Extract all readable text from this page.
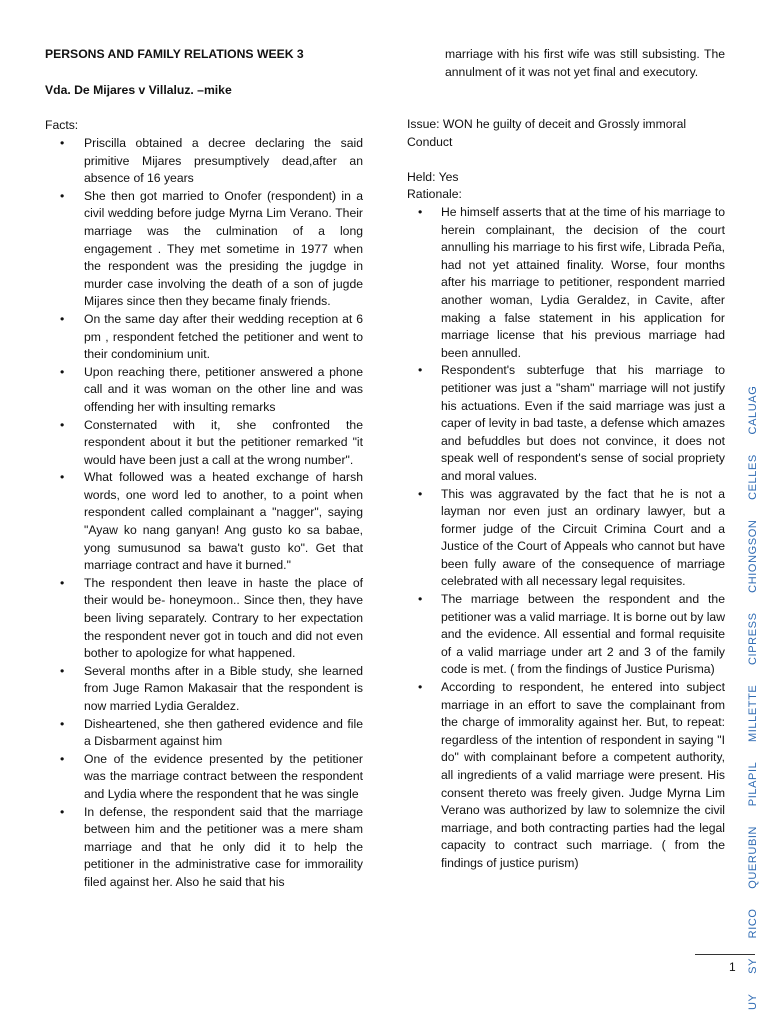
PERSONS AND FAMILY RELATIONS WEEK 3
Vda. De Mijares v Villaluz. –mike
Facts:
• Priscilla obtained a decree declaring the said primitive Mijares presumptively dead,after an absence of 16 years
• She then got married to Onofer (respondent) in a civil wedding before judge Myrna Lim Verano. Their marriage was the culmination of a long engagement . They met sometime in 1977 when the respondent was the presiding the jugdge in murder case involving the death of a son of jugde Mijares since then they became finaly friends.
• On the same day after their wedding reception at 6 pm , respondent fetched the petitioner and went to their condominium unit.
• Upon reaching there, petitioner answered a phone call and it was woman on the other line and was offending her with insulting remarks
• Consternated with it, she confronted the respondent about it but the petitioner remarked "it would have been just a call at the wrong number".
• What followed was a heated exchange of harsh words, one word led to another, to a point when respondent called complainant a "nagger", saying "Ayaw ko nang ganyan! Ang gusto ko sa babae, yong sumusunod sa bawa't gusto ko". Get that marriage contract and have it burned."
• The respondent then leave in haste the place of their would be- honeymoon.. Since then, they have been living separately. Contrary to her expectation the respondent never got in touch and did not even bother to apologize for what happened.
• Several months after in a Bible study, she learned from Juge Ramon Makasair that the respondent is now married Lydia Geraldez.
• Disheartened, she then gathered evidence and file a Disbarment against him
• One of the evidence presented by the petitioner was the marriage contract between the respondent and Lydia where the respondent that he was single
• In defense, the respondent said that the marriage between him and the petitioner was a mere sham marriage and that he only did it to help the petitioner in the administrative case for immoraility filed against her. Also he said that his
marriage with his first wife was still subsisting. The annulment of it was not yet final and executory.
Issue: WON he guilty of deceit and Grossly immoral Conduct
Held: Yes
Rationale:
• He himself asserts that at the time of his marriage to herein complainant, the decision of the court annulling his marriage to his first wife, Librada Peña, had not yet attained finality. Worse, four months after his marriage to petitioner, respondent married another woman, Lydia Geraldez, in Cavite, after making a false statement in his application for marriage license that his previous marriage had been annulled.
• Respondent's subterfuge that his marriage to petitioner was just a "sham" marriage will not justify his actuations. Even if the said marriage was just a caper of levity in bad taste, a defense which amazes and befuddles but does not convince, it does not speak well of respondent's sense of social propriety and moral values.
• This was aggravated by the fact that he is not a layman nor even just an ordinary lawyer, but a former judge of the Circuit Crimina Court and a Justice of the Court of Appeals who cannot but have been fully aware of the consequence of marriage celebrated with all necessary legal requisites.
• The marriage between the respondent and the petitioner was a valid marriage. It is borne out by law and the evidence. All essential and formal requisite of a valid marriage under art 2 and 3 of the family code is met. ( from the findings of Justice Purisma)
• According to respondent, he entered into subject marriage in an effort to save the complainant from the charge of immorality against her. But, to repeat: regardless of the intention of respondent in saying "I do" with complainant before a competent authority, all ingredients of a valid marriage were present. His consent thereto was freely given. Judge Myrna Lim Verano was authorized by law to solemnize the civil marriage, and both contracting parties had the legal capacity to contract such marriage. ( from the findings of justice purism)
UY SY RICO QUERUBIN PILAPIL MILLETTE CIPRESS CHIONGSON CELLES CALUAG
1
